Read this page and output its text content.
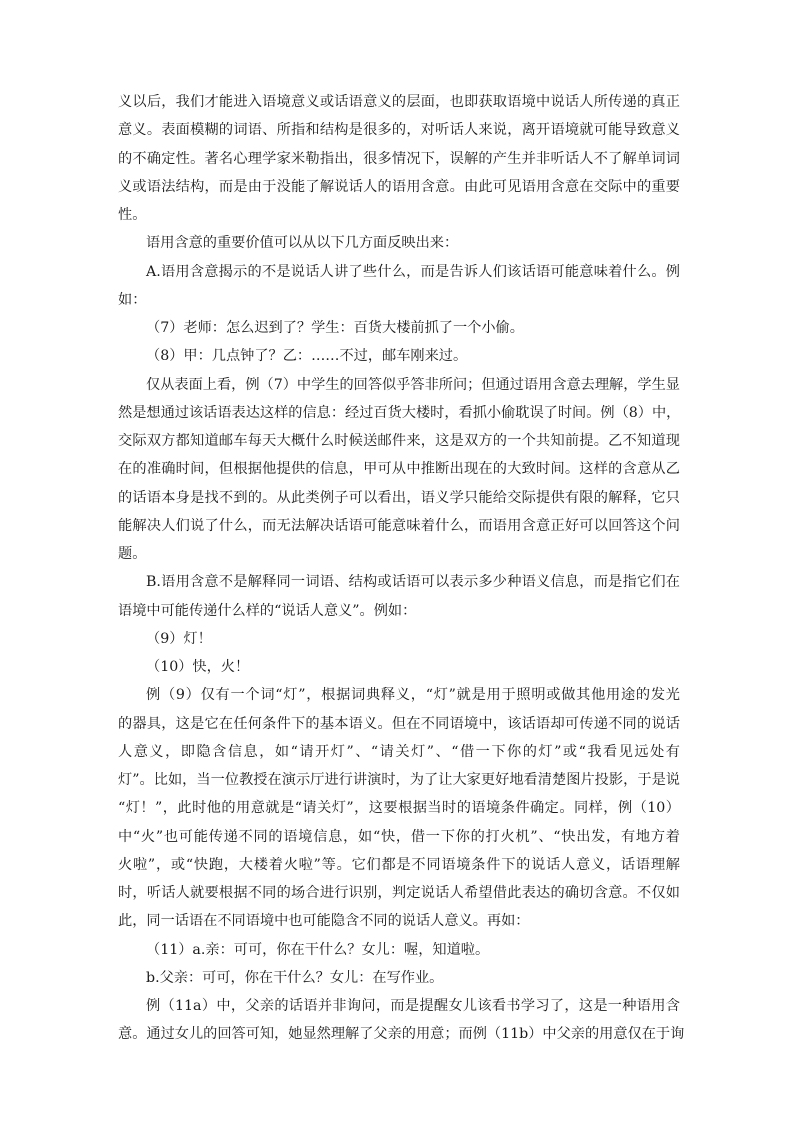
义以后，我们才能进入语境意义或话语意义的层面，也即获取语境中说话人所传递的真正
意义。表面模糊的词语、所指和结构是很多的，对听话人来说，离开语境就可能导致意义
的不确定性。著名心理学家米勒指出，很多情况下，误解的产生并非听话人不了解单词词
义或语法结构，而是由于没能了解说话人的语用含意。由此可见语用含意在交际中的重要
性。
语用含意的重要价值可以从以下几方面反映出来：
A.语用含意揭示的不是说话人讲了些什么，而是告诉人们该话语可能意味着什么。例
如：
（7）老师：怎么迟到了？学生：百货大楼前抓了一个小偷。
（8）甲：几点钟了？乙：……不过，邮车刚来过。
仅从表面上看，例（7）中学生的回答似乎答非所问；但通过语用含意去理解，学生显
然是想通过该话语表达这样的信息：经过百货大楼时，看抓小偷耽误了时间。例（8）中，
交际双方都知道邮车每天大概什么时候送邮件来，这是双方的一个共知前提。乙不知道现
在的准确时间，但根据他提供的信息，甲可从中推断出现在的大致时间。这样的含意从乙
的话语本身是找不到的。从此类例子可以看出，语义学只能给交际提供有限的解释，它只
能解决人们说了什么，而无法解决话语可能意味着什么，而语用含意正好可以回答这个问
题。
B.语用含意不是解释同一词语、结构或话语可以表示多少种语义信息，而是指它们在
语境中可能传递什么样的“说话人意义”。例如：
（9）灯！
（10）快，火！
例（9）仅有一个词“灯”，根据词典释义，“灯”就是用于照明或做其他用途的发光
的器具，这是它在任何条件下的基本语义。但在不同语境中，该话语却可传递不同的说话
人意义，即隐含信息，如“请开灯”、“请关灯”、“借一下你的灯”或“我看见远处有
灯”。比如，当一位教授在演示厅进行讲演时，为了让大家更好地看清楚图片投影，于是说
“灯！”，此时他的用意就是“请关灯”，这要根据当时的语境条件确定。同样，例（10）
中“火”也可能传递不同的语境信息，如“快，借一下你的打火机”、“快出发，有地方着
火啦”，或“快跑，大楼着火啦”等。它们都是不同语境条件下的说话人意义，话语理解
时，听话人就要根据不同的场合进行识别，判定说话人希望借此表达的确切含意。不仅如
此，同一话语在不同语境中也可能隐含不同的说话人意义。再如：
（11）a.亲：可可，你在干什么？女儿：喔，知道啦。
b.父亲：可可，你在干什么？女儿：在写作业。
例（11a）中，父亲的话语并非询问，而是提醒女儿该看书学习了，这是一种语用含
意。通过女儿的回答可知，她显然理解了父亲的用意；而例（11b）中父亲的用意仅在于询
